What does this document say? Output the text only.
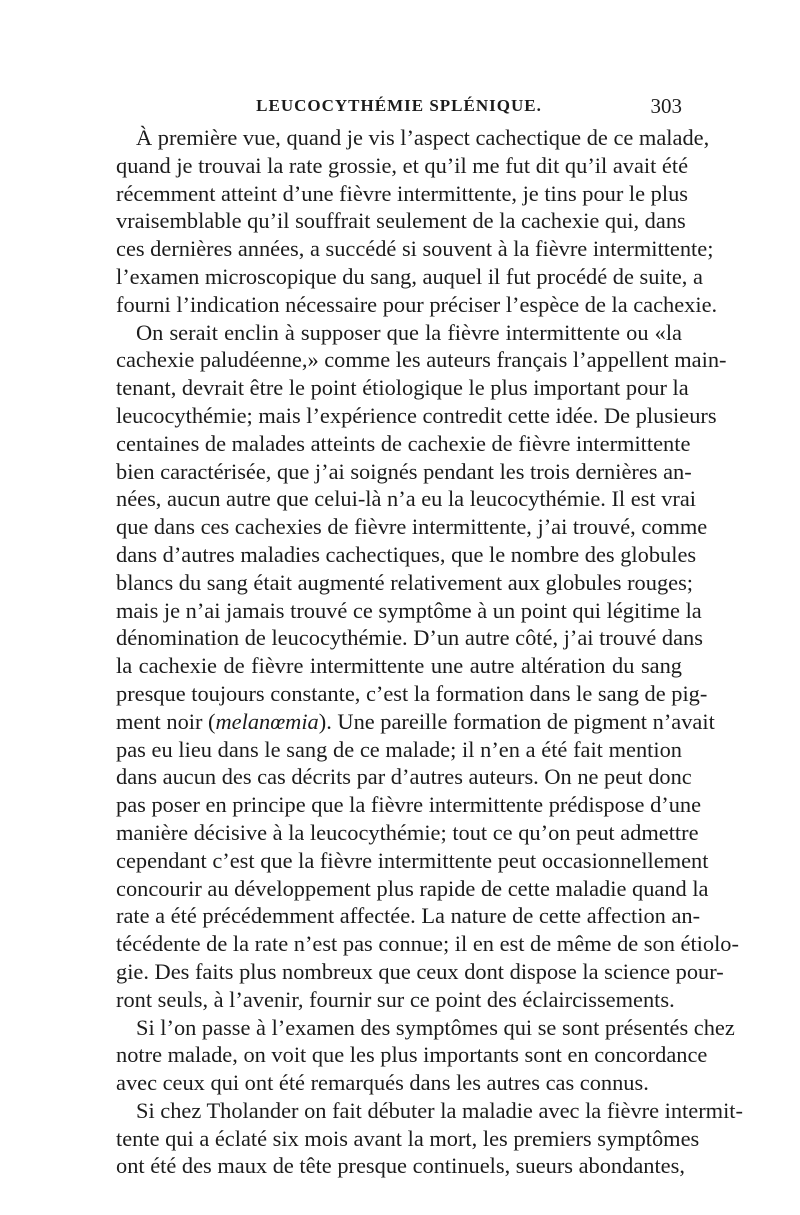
LEUCOCYTHÉMIE SPLÉNIQUE.	303
À première vue, quand je vis l’aspect cachectique de ce malade,
quand je trouvai la rate grossie, et qu’il me fut dit qu’il avait été
récemment atteint d’une fièvre intermittente, je tins pour le plus
vraisemblable qu’il souffrait seulement de la cachexie qui, dans
ces dernières années, a succédé si souvent à la fièvre intermittente;
l’examen microscopique du sang, auquel il fut procédé de suite, a
fourni l’indication nécessaire pour préciser l’espèce de la cachexie.
On serait enclin à supposer que la fièvre intermittente ou «la
cachexie paludéenne,» comme les auteurs français l’appellent main-
tenant, devrait être le point étiologique le plus important pour la
leucocythémie; mais l’expérience contredit cette idée. De plusieurs
centaines de malades atteints de cachexie de fièvre intermittente
bien caractérisée, que j’ai soignés pendant les trois dernières an-
nées, aucun autre que celui-là n’a eu la leucocythémie. Il est vrai
que dans ces cachexies de fièvre intermittente, j’ai trouvé, comme
dans d’autres maladies cachectiques, que le nombre des globules
blancs du sang était augmenté relativement aux globules rouges;
mais je n’ai jamais trouvé ce symptôme à un point qui légitime la
dénomination de leucocythémie. D’un autre côté, j’ai trouvé dans
la cachexie de fièvre intermittente une autre altération du sang
presque toujours constante, c’est la formation dans le sang de pig-
ment noir (melanœmia). Une pareille formation de pigment n’avait
pas eu lieu dans le sang de ce malade; il n’en a été fait mention
dans aucun des cas décrits par d’autres auteurs. On ne peut donc
pas poser en principe que la fièvre intermittente prédispose d’une
manière décisive à la leucocythémie; tout ce qu’on peut admettre
cependant c’est que la fièvre intermittente peut occasionnellement
concourir au développement plus rapide de cette maladie quand la
rate a été précédemment affectée. La nature de cette affection an-
técédente de la rate n’est pas connue; il en est de même de son étiolo-
gie. Des faits plus nombreux que ceux dont dispose la science pour-
ront seuls, à l’avenir, fournir sur ce point des éclaircissements.
Si l’on passe à l’examen des symptômes qui se sont présentés chez
notre malade, on voit que les plus importants sont en concordance
avec ceux qui ont été remarqués dans les autres cas connus.
Si chez Tholander on fait débuter la maladie avec la fièvre intermit-
tente qui a éclaté six mois avant la mort, les premiers symptômes
ont été des maux de tête presque continuels, sueurs abondantes,
